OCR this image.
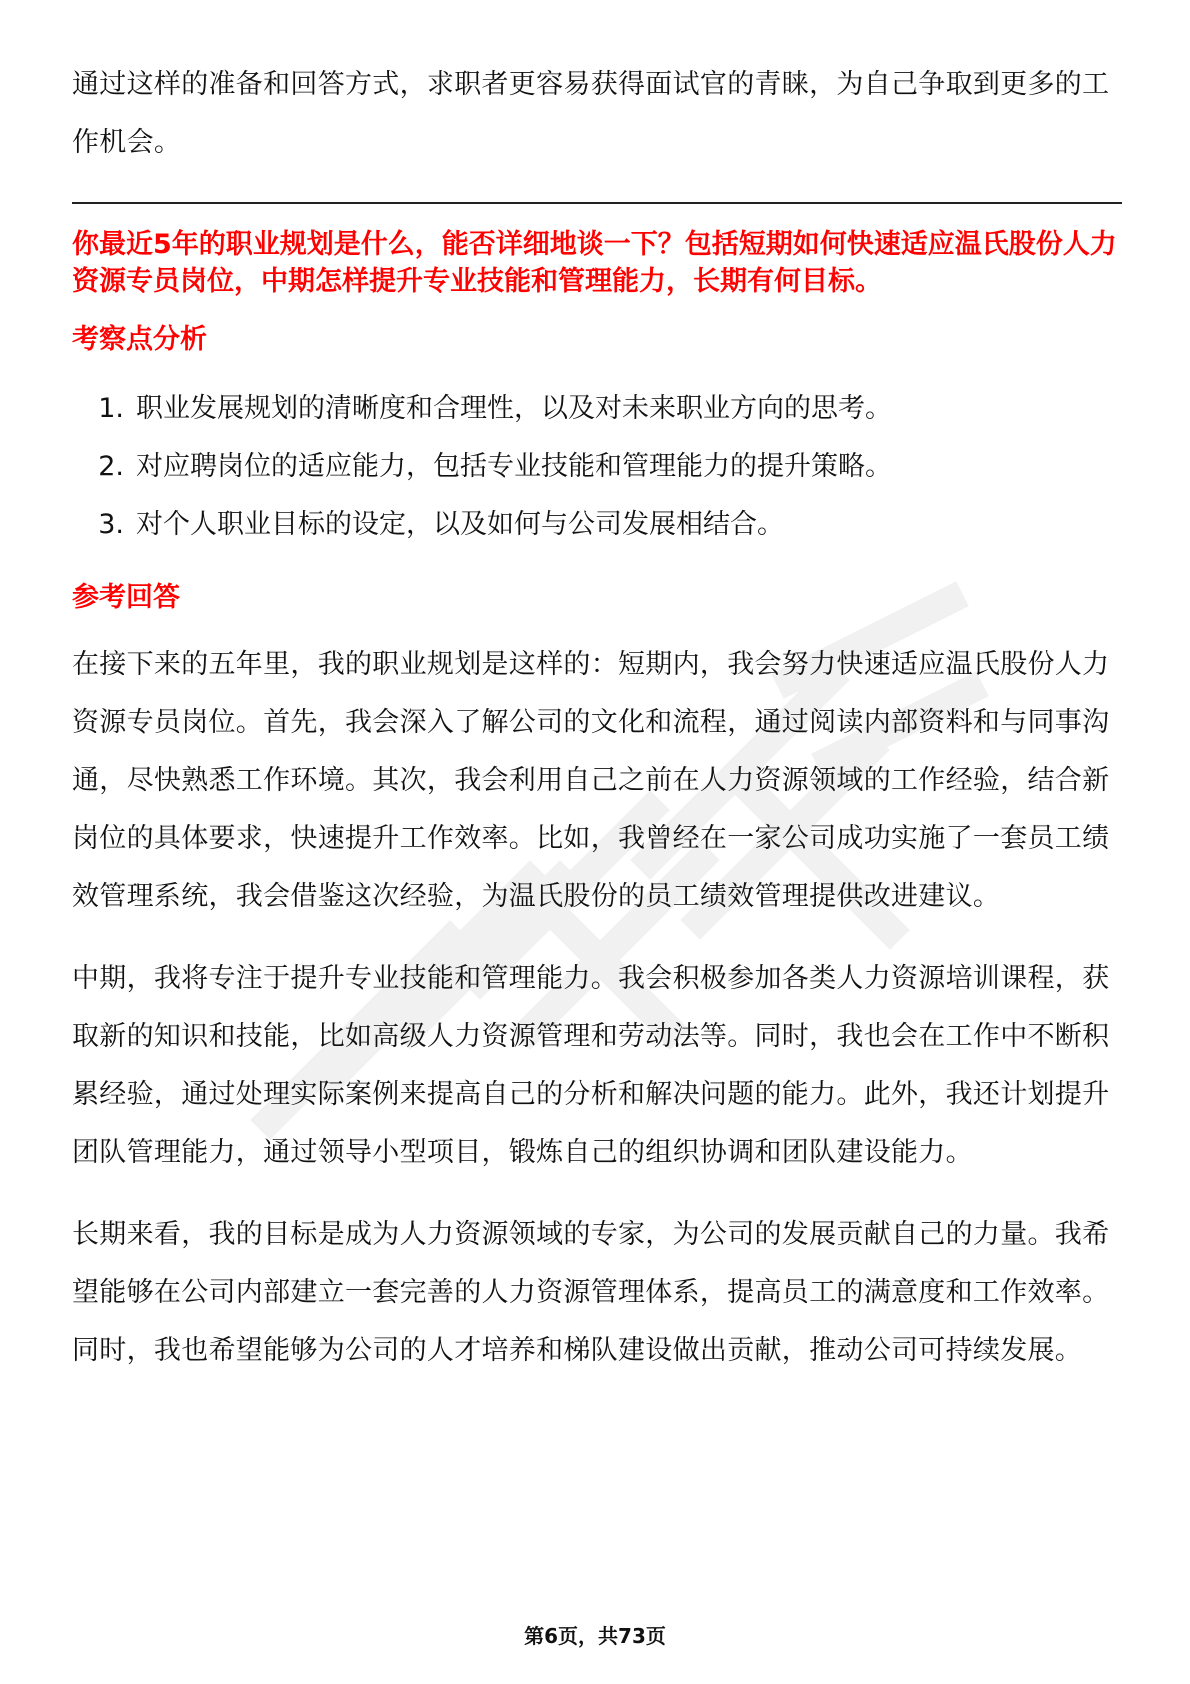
通过这样的准备和回答方式，求职者更容易获得面试官的青睐，为自己争取到更多的工作机会。

你最近5年的职业规划是什么，能否详细地谈一下？包括短期如何快速适应温氏股份人力资源专员岗位，中期怎样提升专业技能和管理能力，长期有何目标。

考察点分析

1. 职业发展规划的清晰度和合理性，以及对未来职业方向的思考。
2. 对应聘岗位的适应能力，包括专业技能和管理能力的提升策略。
3. 对个人职业目标的设定，以及如何与公司发展相结合。

参考回答

在接下来的五年里，我的职业规划是这样的：短期内，我会努力快速适应温氏股份人力资源专员岗位。首先，我会深入了解公司的文化和流程，通过阅读内部资料和与同事沟通，尽快熟悉工作环境。其次，我会利用自己之前在人力资源领域的工作经验，结合新岗位的具体要求，快速提升工作效率。比如，我曾经在一家公司成功实施了一套员工绩效管理系统，我会借鉴这次经验，为温氏股份的员工绩效管理提供改进建议。

中期，我将专注于提升专业技能和管理能力。我会积极参加各类人力资源培训课程，获取新的知识和技能，比如高级人力资源管理和劳动法等。同时，我也会在工作中不断积累经验，通过处理实际案例来提高自己的分析和解决问题的能力。此外，我还计划提升团队管理能力，通过领导小型项目，锻炼自己的组织协调和团队建设能力。

长期来看，我的目标是成为人力资源领域的专家，为公司的发展贡献自己的力量。我希望能够在公司内部建立一套完善的人力资源管理体系，提高员工的满意度和工作效率。同时，我也希望能够为公司的人才培养和梯队建设做出贡献，推动公司可持续发展。

第6页，共73页
